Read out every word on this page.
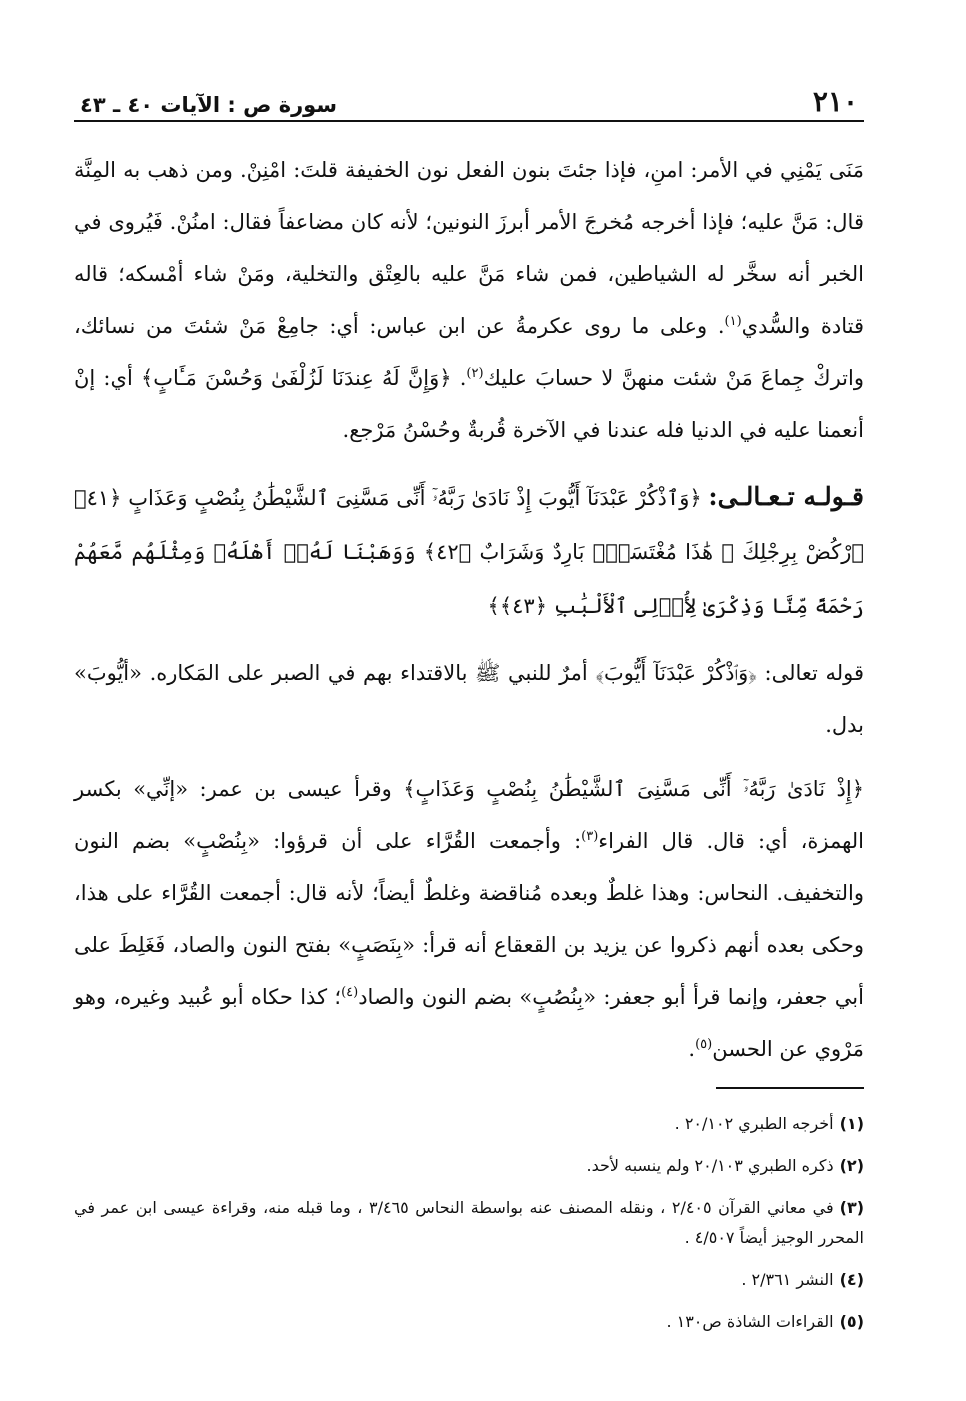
٢١٠
سورة ص : الآيات ٤٠ ـ ٤٣

مَنَى يَمْنِي في الأمر: امنِ، فإذا جئتَ بنون الفعل نون الخفيفة قلتَ: امْنِنْ. ومن ذهب به المِنَّة قال: مَنَّ عليه؛ فإذا أخرجه مُخرجَ الأمر أبرزَ النونين؛ لأنه كان مضاعفاً فقال: امنُنْ. فَيُروى في الخبر أنه سخَّر له الشياطين، فمن شاء مَنَّ عليه بالعِتْق والتخلية، ومَنْ شاء أمْسكه؛ قاله قتادة والسُّدي$^{(١)}$. وعلى ما روى عكرمةُ عن ابن عباس: أي: جامِعْ مَنْ شئتَ من نسائك، واتركْ جِماعَ مَنْ شئت منهنَّ لا حسابَ عليك$^{(٢)}$. ﴿وَإِنَّ لَهُ عِندَنَا لَزُلْفَىٰ وَحُسْنَ مَـَٔابٍ﴾ أي: إنْ أنعمنا عليه في الدنيا فله عندنا في الآخرة قُربةٌ وحُسْنُ مَرْجع.

قـولـه تـعـالـى: ﴿وَٱذْكُرْ عَبْدَنَآ أَيُّوبَ إِذْ نَادَىٰ رَبَّهُۥٓ أَنِّى مَسَّنِىَ ٱلشَّيْطَٰنُ بِنُصْبٍ وَعَذَابٍ ﴿٤١﴾ ٱرْكُضْ بِرِجْلِكَ ۖ هَٰذَا مُغْتَسَلٌۢ بَارِدٌ وَشَرَابٌ ﴿٤٢﴾ وَوَهَبْنَا لَهُۥٓ أَهْلَهُۥ وَمِثْلَهُم مَّعَهُمْ رَحْمَةً مِّنَّا وَذِكْرَىٰ لِأُو۟لِى ٱلْأَلْبَٰبِ ﴿٤٣﴾﴾

قوله تعالى: ﴿وَٱذْكُرْ عَبْدَنَآ أَيُّوبَ﴾ أمرٌ للنبي ﷺ بالاقتداء بهم في الصبر على المَكاره. «أيُّوبَ» بدل.

﴿إِذْ نَادَىٰ رَبَّهُۥٓ أَنِّى مَسَّنِىَ ٱلشَّيْطَٰنُ بِنُصْبٍ وَعَذَابٍ﴾ وقرأ عيسى بن عمر: «إنِّي» بكسر الهمزة، أي: قال. قال الفراء$^{(٣)}$: وأجمعت القُرَّاء على أن قرؤوا: «بِنُصْبٍ» بضم النون والتخفيف. النحاس: وهذا غلطٌ وبعده مُناقضة وغلطٌ أيضاً؛ لأنه قال: أجمعت القُرَّاء على هذا، وحكى بعده أنهم ذكروا عن يزيد بن القعقاع أنه قرأ: «بِنَصَبٍ» بفتح النون والصاد، فَغَلِطَ على أبي جعفر، وإنما قرأ أبو جعفر: «بِنُصُبٍ» بضم النون والصاد$^{(٤)}$؛ كذا حكاه أبو عُبيد وغيره، وهو مَرْوي عن الحسن$^{(٥)}$.

(١)أخرجه الطبري ٢٠/١٠٢ .

(٢)ذكره الطبري ٢٠/١٠٣ ولم ينسبه لأحد.

(٣)في معاني القرآن ٢/٤٠٥ ، ونقله المصنف عنه بواسطة النحاس ٣/٤٦٥ ، وما قبله منه، وقراءة عيسى ابن عمر في المحرر الوجيز أيضاً ٤/٥٠٧ .

(٤)النشر ٢/٣٦١ .

(٥)القراءات الشاذة ص١٣٠ .
